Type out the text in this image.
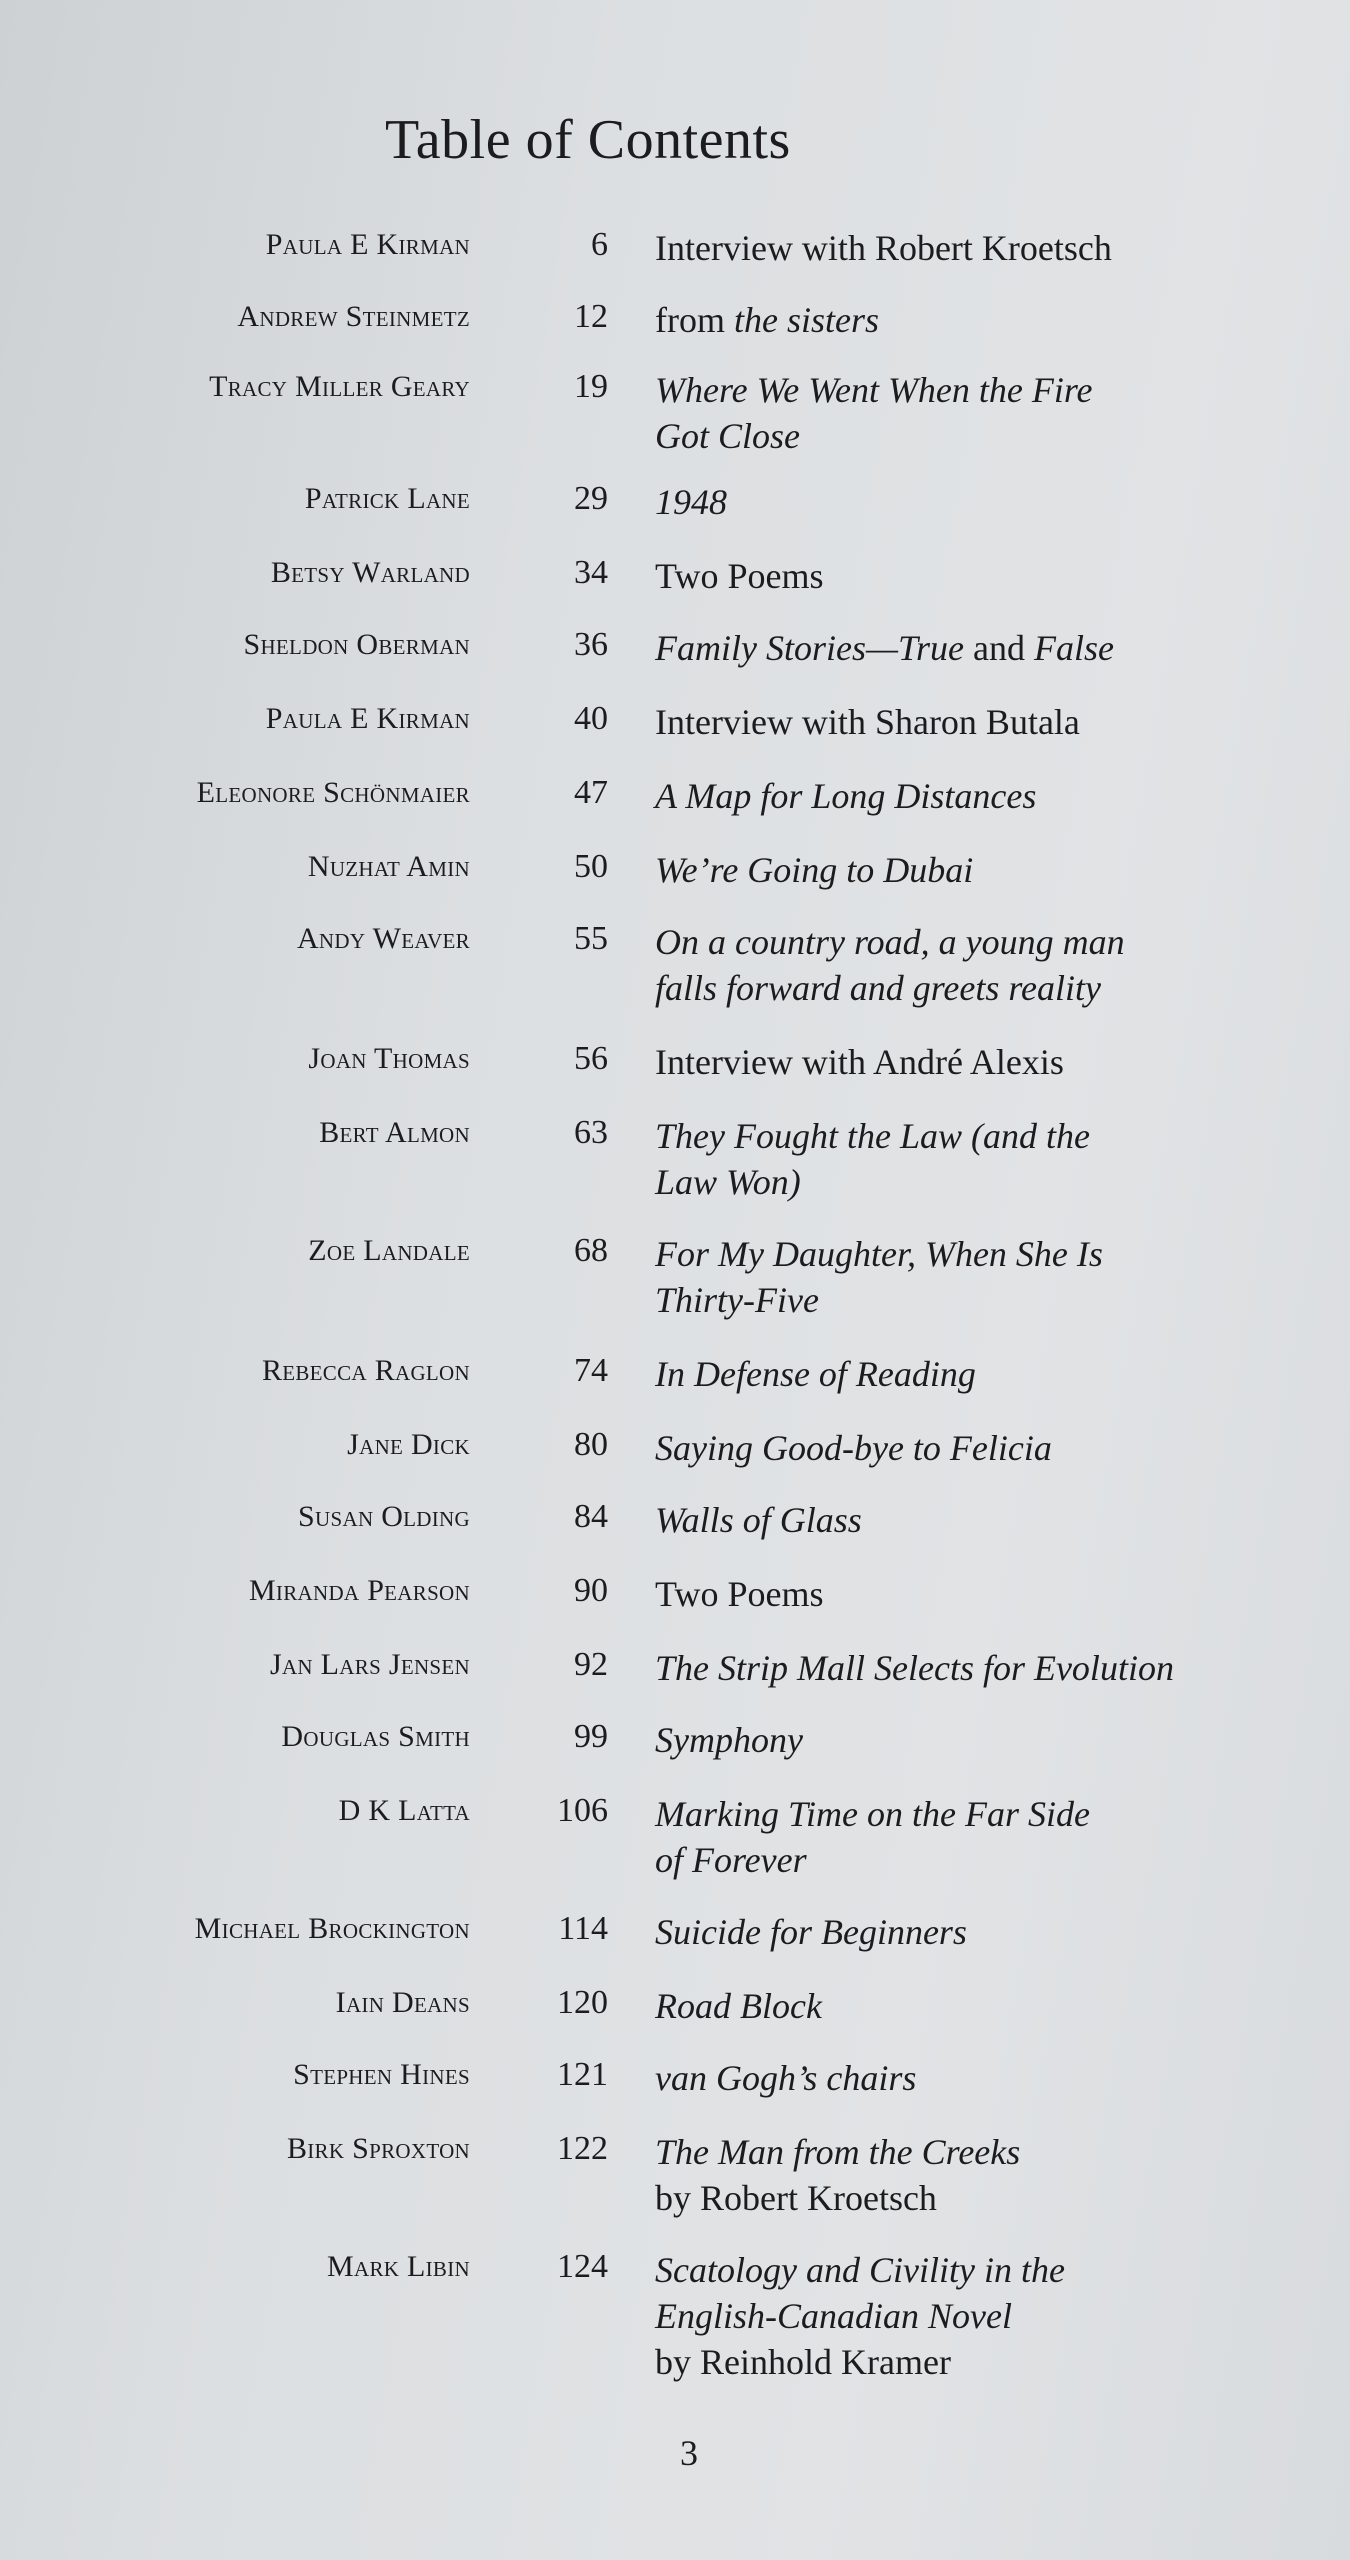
Table of Contents
Paula E Kirman	6 Interview with Robert Kroetsch
Andrew Steinmetz	12 from the sisters
Tracy Miller Geary	19 Where We Went When the Fire
Got Close
Patrick Lane	29 1948
Betsy Warland	34 Two Poems
Sheldon Oberman	36 Family Stories—True and False
Paula E Kirman	40 Interview with Sharon Butala
Eleonore Schönmaier	47 A Map for Long Distances
Nuzhat Amin	50 We’re Going to Dubai
Andy Weaver	55 On a country road, a young man
falls forward and greets reality
Joan Thomas	56 Interview with André Alexis
Bert Almon	63 They Fought the Law (and the
Law Won)
Zoe Landale	68 For My Daughter, When She Is
Thirty-Five
Rebecca Raglon	74 In Defense of Reading
Jane Dick	80 Saying Good-bye to Felicia
Susan Olding	84 Walls of Glass
Miranda Pearson	90 Two Poems
Jan Lars Jensen	92 The Strip Mall Selects for Evolution
Douglas Smith	99 Symphony
D K Latta	106 Marking Time on the Far Side
of Forever
Michael Brockington	114 Suicide for Beginners
Iain Deans	120 Road Block
Stephen Hines	121 van Gogh’s chairs
Birk Sproxton	122 The Man from the Creeks
by Robert Kroetsch
Mark Libin	124 Scatology and Civility in the
English-Canadian Novel
by Reinhold Kramer
3
